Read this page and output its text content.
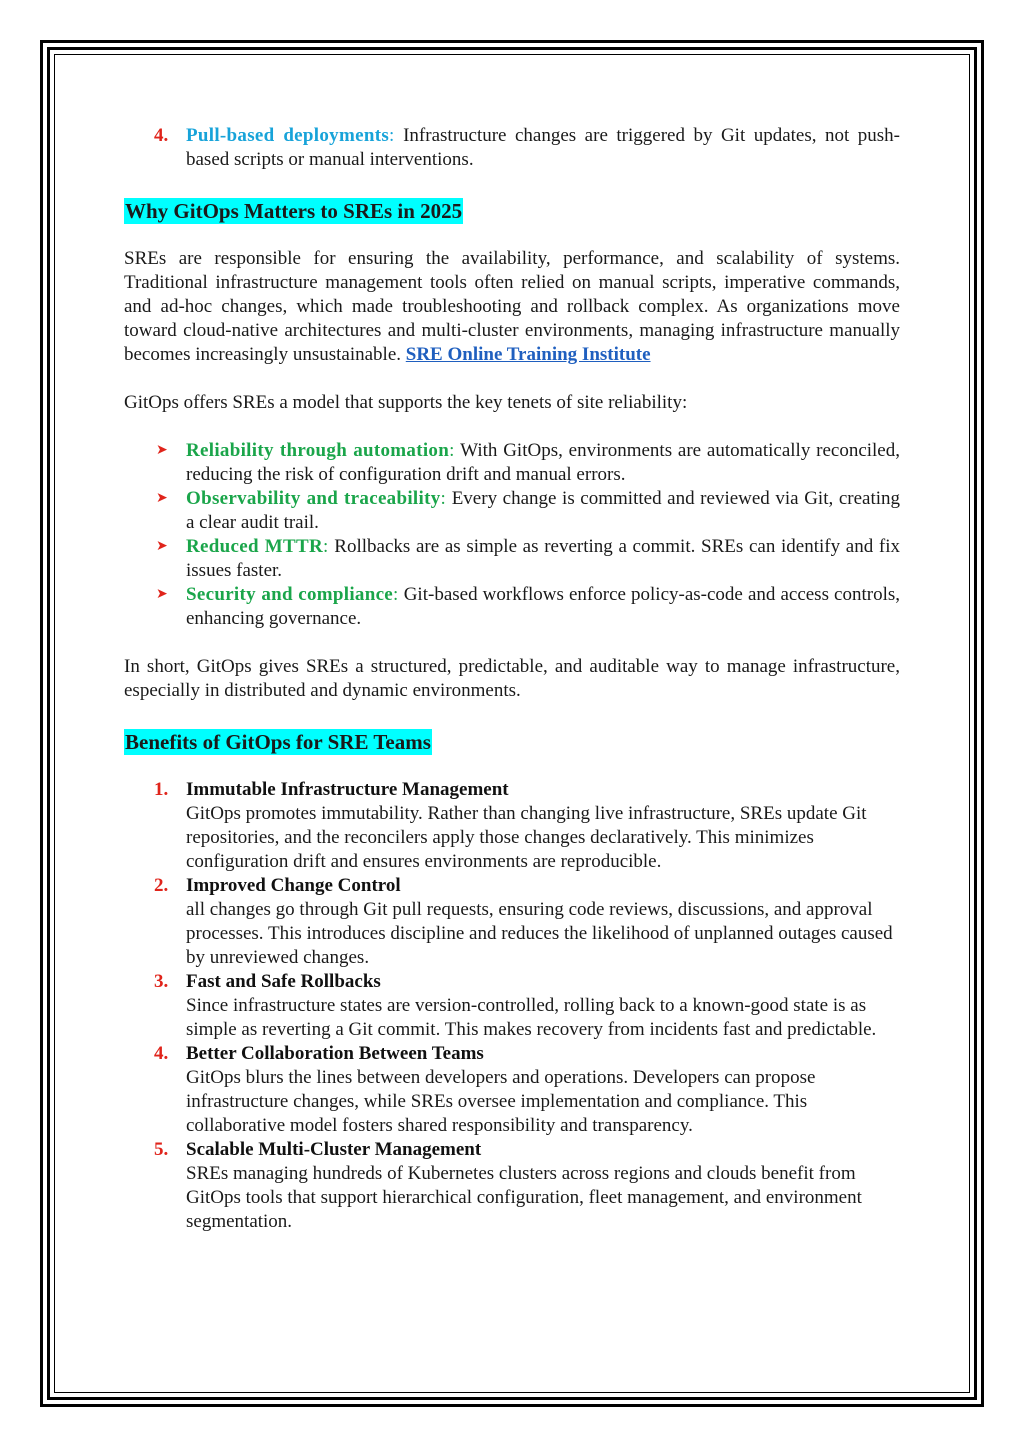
4. Pull-based deployments: Infrastructure changes are triggered by Git updates, not push-based scripts or manual interventions.
Why GitOps Matters to SREs in 2025

SREs are responsible for ensuring the availability, performance, and scalability of systems. Traditional infrastructure management tools often relied on manual scripts, imperative commands, and ad-hoc changes, which made troubleshooting and rollback complex. As organizations move toward cloud-native architectures and multi-cluster environments, managing infrastructure manually becomes increasingly unsustainable. SRE Online Training Institute

GitOps offers SREs a model that supports the key tenets of site reliability:

➤ Reliability through automation: With GitOps, environments are automatically reconciled, reducing the risk of configuration drift and manual errors.
➤ Observability and traceability: Every change is committed and reviewed via Git, creating a clear audit trail.
➤ Reduced MTTR: Rollbacks are as simple as reverting a commit. SREs can identify and fix issues faster.
➤ Security and compliance: Git-based workflows enforce policy-as-code and access controls, enhancing governance.

In short, GitOps gives SREs a structured, predictable, and auditable way to manage infrastructure, especially in distributed and dynamic environments.

Benefits of GitOps for SRE Teams
1. Immutable Infrastructure Management
GitOps promotes immutability. Rather than changing live infrastructure, SREs update Git repositories, and the reconcilers apply those changes declaratively. This minimizes configuration drift and ensures environments are reproducible.
2. Improved Change Control
all changes go through Git pull requests, ensuring code reviews, discussions, and approval processes. This introduces discipline and reduces the likelihood of unplanned outages caused by unreviewed changes.
3. Fast and Safe Rollbacks
Since infrastructure states are version-controlled, rolling back to a known-good state is as simple as reverting a Git commit. This makes recovery from incidents fast and predictable.
4. Better Collaboration Between Teams
GitOps blurs the lines between developers and operations. Developers can propose infrastructure changes, while SREs oversee implementation and compliance. This collaborative model fosters shared responsibility and transparency.
5. Scalable Multi-Cluster Management
SREs managing hundreds of Kubernetes clusters across regions and clouds benefit from GitOps tools that support hierarchical configuration, fleet management, and environment segmentation.
